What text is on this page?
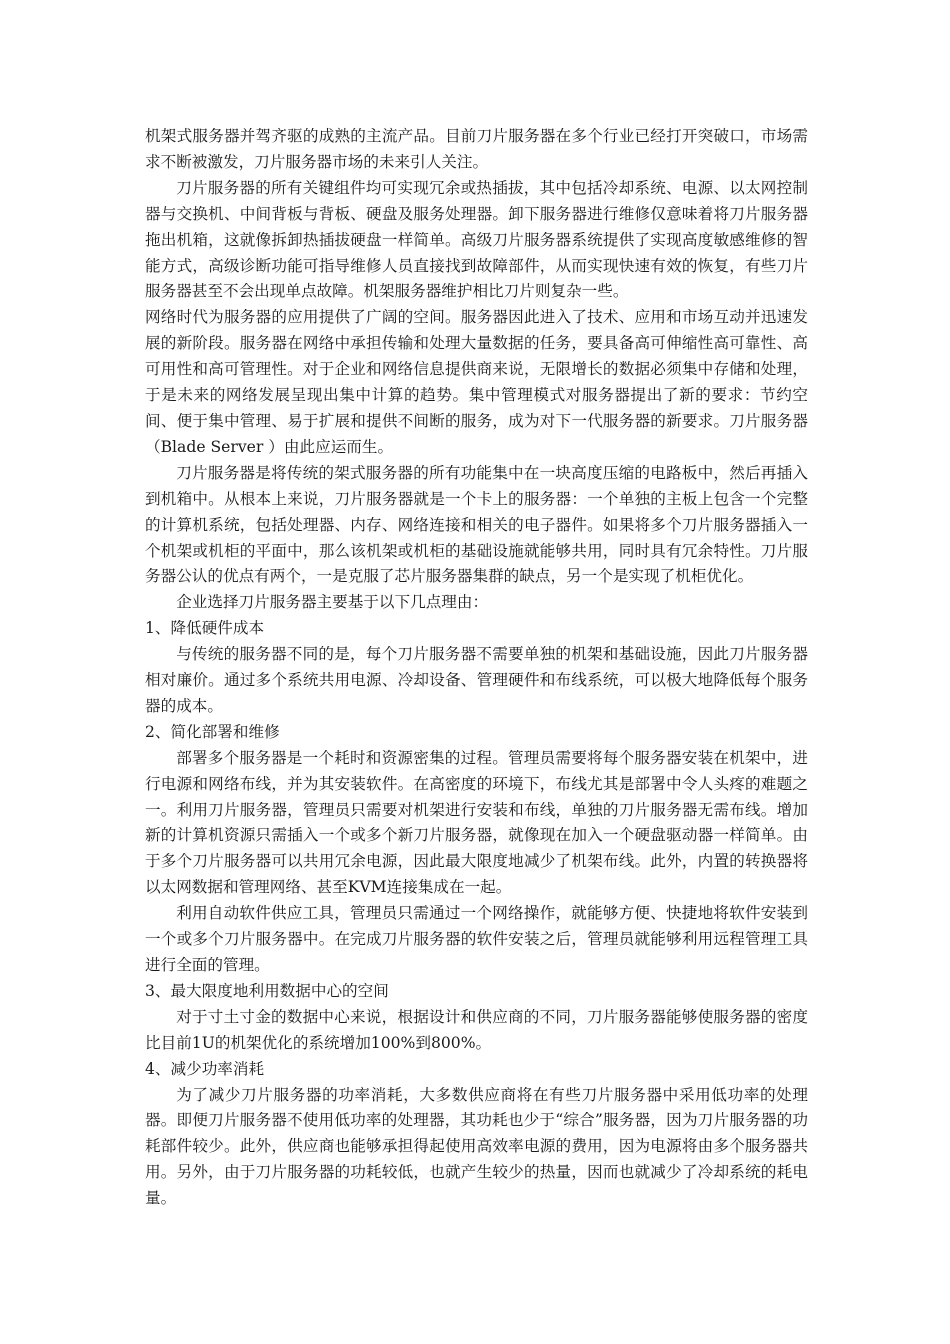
机架式服务器并驾齐驱的成熟的主流产品。目前刀片服务器在多个行业已经打开突破口，市场需求不断被激发，刀片服务器市场的未来引人关注。

刀片服务器的所有关键组件均可实现冗余或热插拔，其中包括冷却系统、电源、以太网控制器与交换机、中间背板与背板、硬盘及服务处理器。卸下服务器进行维修仅意味着将刀片服务器拖出机箱，这就像拆卸热插拔硬盘一样简单。高级刀片服务器系统提供了实现高度敏感维修的智能方式，高级诊断功能可指导维修人员直接找到故障部件，从而实现快速有效的恢复，有些刀片服务器甚至不会出现单点故障。机架服务器维护相比刀片则复杂一些。

网络时代为服务器的应用提供了广阔的空间。服务器因此进入了技术、应用和市场互动并迅速发展的新阶段。服务器在网络中承担传输和处理大量数据的任务，要具备高可伸缩性高可靠性、高可用性和高可管理性。对于企业和网络信息提供商来说，无限增长的数据必须集中存储和处理，于是未来的网络发展呈现出集中计算的趋势。集中管理模式对服务器提出了新的要求：节约空间、便于集中管理、易于扩展和提供不间断的服务，成为对下一代服务器的新要求。刀片服务器（Blade Server ）由此应运而生。

刀片服务器是将传统的架式服务器的所有功能集中在一块高度压缩的电路板中，然后再插入到机箱中。从根本上来说，刀片服务器就是一个卡上的服务器：一个单独的主板上包含一个完整的计算机系统，包括处理器、内存、网络连接和相关的电子器件。如果将多个刀片服务器插入一个机架或机柜的平面中，那么该机架或机柜的基础设施就能够共用，同时具有冗余特性。刀片服务器公认的优点有两个，一是克服了芯片服务器集群的缺点，另一个是实现了机柜优化。

企业选择刀片服务器主要基于以下几点理由：

1、降低硬件成本

与传统的服务器不同的是，每个刀片服务器不需要单独的机架和基础设施，因此刀片服务器相对廉价。通过多个系统共用电源、冷却设备、管理硬件和布线系统，可以极大地降低每个服务器的成本。

2、简化部署和维修

部署多个服务器是一个耗时和资源密集的过程。管理员需要将每个服务器安装在机架中，进行电源和网络布线，并为其安装软件。在高密度的环境下，布线尤其是部署中令人头疼的难题之一。利用刀片服务器，管理员只需要对机架进行安装和布线，单独的刀片服务器无需布线。增加新的计算机资源只需插入一个或多个新刀片服务器，就像现在加入一个硬盘驱动器一样简单。由于多个刀片服务器可以共用冗余电源，因此最大限度地减少了机架布线。此外，内置的转换器将以太网数据和管理网络、甚至KVM连接集成在一起。

利用自动软件供应工具，管理员只需通过一个网络操作，就能够方便、快捷地将软件安装到一个或多个刀片服务器中。在完成刀片服务器的软件安装之后，管理员就能够利用远程管理工具进行全面的管理。

3、最大限度地利用数据中心的空间

对于寸土寸金的数据中心来说，根据设计和供应商的不同，刀片服务器能够使服务器的密度比目前1U的机架优化的系统增加100%到800%。

4、减少功率消耗

为了减少刀片服务器的功率消耗，大多数供应商将在有些刀片服务器中采用低功率的处理器。即便刀片服务器不使用低功率的处理器，其功耗也少于“综合”服务器，因为刀片服务器的功耗部件较少。此外，供应商也能够承担得起使用高效率电源的费用，因为电源将由多个服务器共用。另外，由于刀片服务器的功耗较低，也就产生较少的热量，因而也就减少了冷却系统的耗电量。
